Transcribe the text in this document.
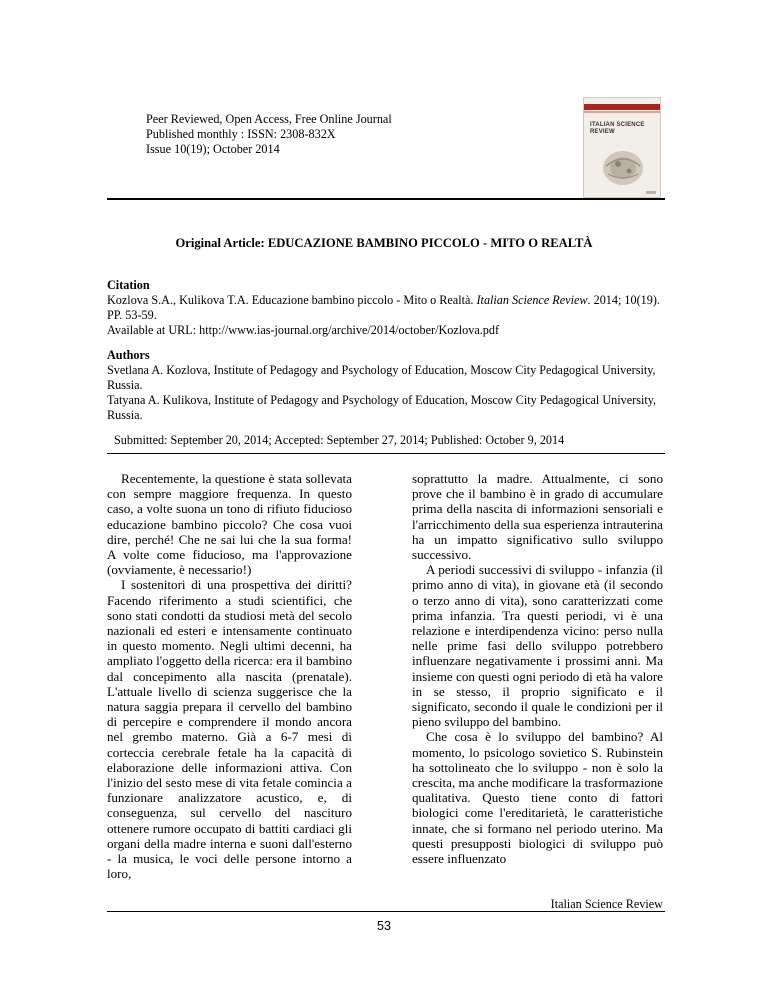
Peer Reviewed, Open Access, Free Online Journal
Published monthly : ISSN: 2308-832X
Issue 10(19); October 2014
ITALIAN SCIENCE REVIEW
Original Article: EDUCAZIONE BAMBINO PICCOLO - MITO O REALTÀ
Citation
Kozlova S.A., Kulikova T.A. Educazione bambino piccolo - Mito o Realtà. Italian Science Review. 2014; 10(19). PP. 53-59.
Available at URL: http://www.ias-journal.org/archive/2014/october/Kozlova.pdf
Authors
Svetlana A. Kozlova, Institute of Pedagogy and Psychology of Education, Moscow City Pedagogical University, Russia.
Tatyana A. Kulikova, Institute of Pedagogy and Psychology of Education, Moscow City Pedagogical University, Russia.
Submitted: September 20, 2014; Accepted: September 27, 2014; Published: October 9, 2014

Recentemente, la questione è stata sollevata con sempre maggiore frequenza. In questo caso, a volte suona un tono di rifiuto fiducioso educazione bambino piccolo? Che cosa vuoi dire, perché! Che ne sai lui che la sua forma! A volte come fiducioso, ma l'approvazione (ovviamente, è necessario!)

I sostenitori di una prospettiva dei diritti? Facendo riferimento a studi scientifici, che sono stati condotti da studiosi metà del secolo nazionali ed esteri e intensamente continuato in questo momento. Negli ultimi decenni, ha ampliato l'oggetto della ricerca: era il bambino dal concepimento alla nascita (prenatale). L'attuale livello di scienza suggerisce che la natura saggia prepara il cervello del bambino di percepire e comprendere il mondo ancora nel grembo materno. Già a 6-7 mesi di corteccia cerebrale fetale ha la capacità di elaborazione delle informazioni attiva. Con l'inizio del sesto mese di vita fetale comincia a funzionare analizzatore acustico, e, di conseguenza, sul cervello del nascituro ottenere rumore occupato di battiti cardiaci gli organi della madre interna e suoni dall'esterno - la musica, le voci delle persone intorno a loro,

soprattutto la madre. Attualmente, ci sono prove che il bambino è in grado di accumulare prima della nascita di informazioni sensoriali e l'arricchimento della sua esperienza intrauterina ha un impatto significativo sullo sviluppo successivo.

A periodi successivi di sviluppo - infanzia (il primo anno di vita), in giovane età (il secondo o terzo anno di vita), sono caratterizzati come prima infanzia. Tra questi periodi, vi è una relazione e interdipendenza vicino: perso nulla nelle prime fasi dello sviluppo potrebbero influenzare negativamente i prossimi anni. Ma insieme con questi ogni periodo di età ha valore in se stesso, il proprio significato e il significato, secondo il quale le condizioni per il pieno sviluppo del bambino.

Che cosa è lo sviluppo del bambino? Al momento, lo psicologo sovietico S. Rubinstein ha sottolineato che lo sviluppo - non è solo la crescita, ma anche modificare la trasformazione qualitativa. Questo tiene conto di fattori biologici come l'ereditarietà, le caratteristiche innate, che si formano nel periodo uterino. Ma questi presupposti biologici di sviluppo può essere influenzato

Italian Science Review
53
